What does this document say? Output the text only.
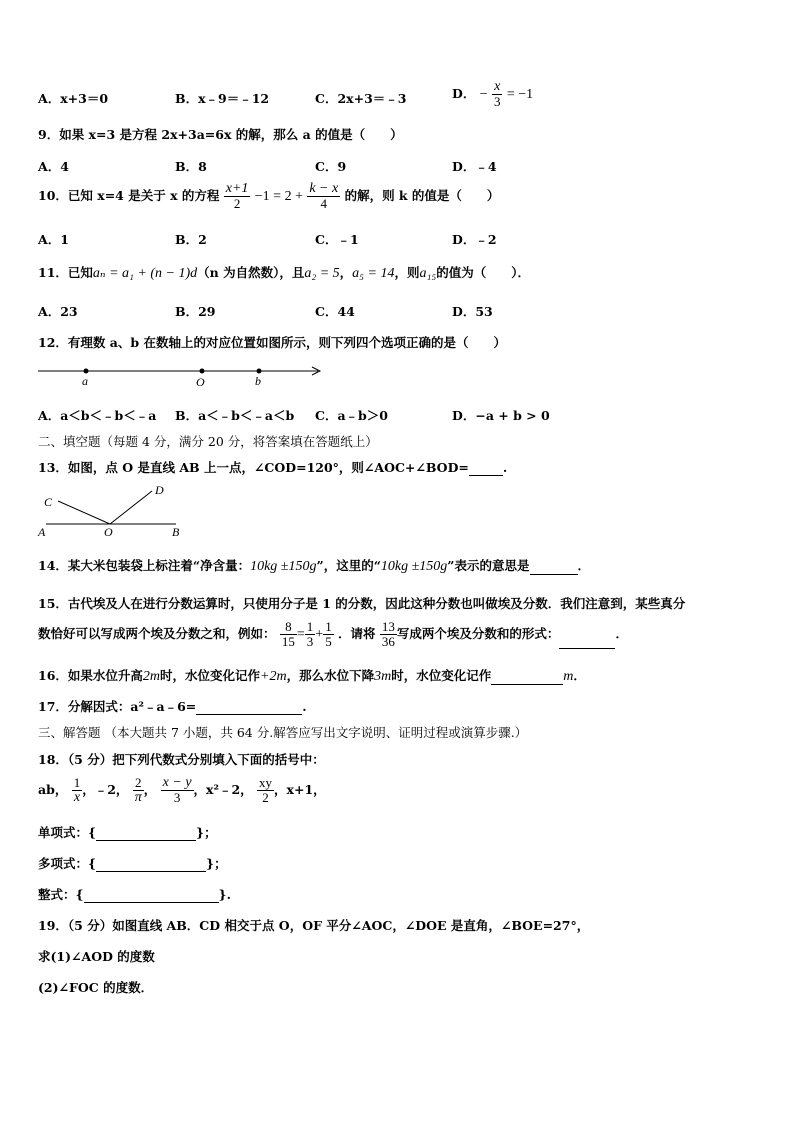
A．x+3＝0	B．x﹣9＝﹣12	C．2x+3＝﹣3	D． − $\frac{x}{3} = -1$
9．如果 x=3 是方程 2x+3a=6x 的解，那么 a 的值是（　　）
A．4	B．8	C．9	D．﹣4
10．已知 x=4 是关于 x 的方程 $\frac{x+1}{2} -1 = 2 + \frac{k - x}{4}$ 的解，则 k 的值是（　　）
A．1	B．2	C．﹣1	D．﹣2
11．已知aₙ = a₁ + (n − 1)d（n 为自然数），且a₂ = 5，a₅ = 14，则a₁₅的值为（　　）．
A．23	B．29	C．44	D．53
12．有理数 a、b 在数轴上的对应位置如图所示，则下列四个选项正确的是（　　）
a	O	b
A．a＜b＜﹣b＜﹣a B．a＜﹣b＜﹣a＜b C．a﹣b＞0	D．−a + b > 0
二、填空题（每题 4 分，满分 20 分，将答案填在答题纸上）
13．如图，点 O 是直线 AB 上一点，∠COD=120°，则∠AOC+∠BOD=	.
C
D
A	O	B
14．某大米包装袋上标注着“净含量：10kg ±150g”，这里的“10kg ±150g”表示的意思是	．
15．古代埃及人在进行分数运算时，只使用分子是 1 的分数，因此这种分数也叫做埃及分数．我们注意到，某些真分
数恰好可以写成两个埃及分数之和，例如： $\frac{8}{15} = \frac{1}{3} + \frac{1}{5}$ ．请将 $\frac{13}{36}$ 写成两个埃及分数和的形式：	．
16．如果水位升高2m时，水位变化记作+2m，那么水位下降3m时，水位变化记作	m．
17．分解因式：a²﹣a﹣6=	.
三、解答题 （本大题共 7 小题，共 64 分.解答应写出文字说明、证明过程或演算步骤.）
18．（5 分）把下列代数式分别填入下面的括号中：
ab， $\frac{1}{x}$ ，﹣2， $\frac{2}{\pi}$ ， $\frac{x - y}{3}$ ，x²﹣2， $\frac{xy}{2}$ ，x+1，
单项式：{	}；
多项式：{	}；
整式：{	}.
19．（5 分）如图直线 AB．CD 相交于点 O，OF 平分∠AOC，∠DOE 是直角，∠BOE=27°，
求(1)∠AOD 的度数
(2)∠FOC 的度数．
